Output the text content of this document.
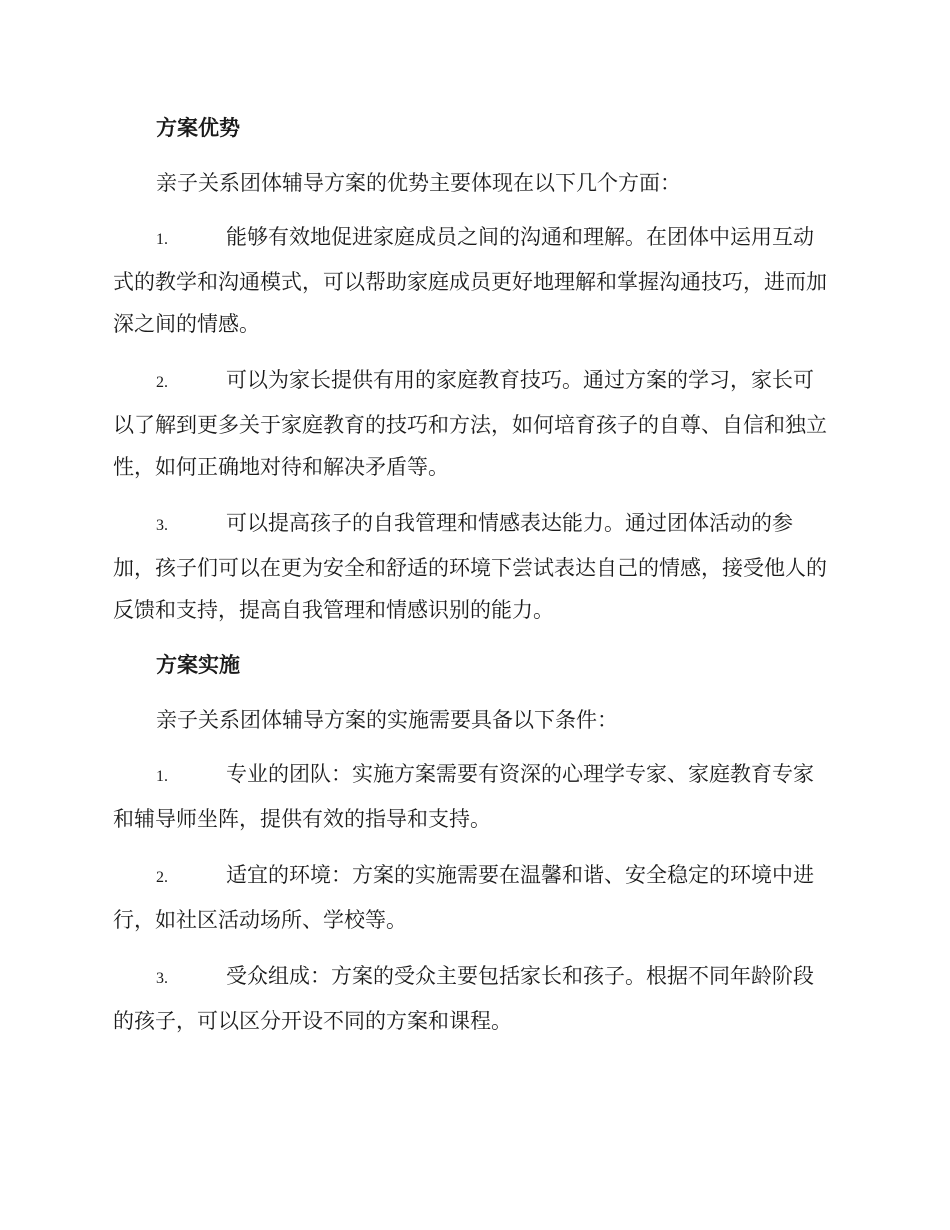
方案优势

亲子关系团体辅导方案的优势主要体现在以下几个方面：

1.	能够有效地促进家庭成员之间的沟通和理解。在团体中运用互动式的教学和沟通模式，可以帮助家庭成员更好地理解和掌握沟通技巧，进而加深之间的情感。

2.	可以为家长提供有用的家庭教育技巧。通过方案的学习，家长可以了解到更多关于家庭教育的技巧和方法，如何培育孩子的自尊、自信和独立性，如何正确地对待和解决矛盾等。

3.	可以提高孩子的自我管理和情感表达能力。通过团体活动的参加，孩子们可以在更为安全和舒适的环境下尝试表达自己的情感，接受他人的反馈和支持，提高自我管理和情感识别的能力。

方案实施

亲子关系团体辅导方案的实施需要具备以下条件：

1.	专业的团队：实施方案需要有资深的心理学专家、家庭教育专家和辅导师坐阵，提供有效的指导和支持。

2.	适宜的环境：方案的实施需要在温馨和谐、安全稳定的环境中进行，如社区活动场所、学校等。

3.	受众组成：方案的受众主要包括家长和孩子。根据不同年龄阶段的孩子，可以区分开设不同的方案和课程。
